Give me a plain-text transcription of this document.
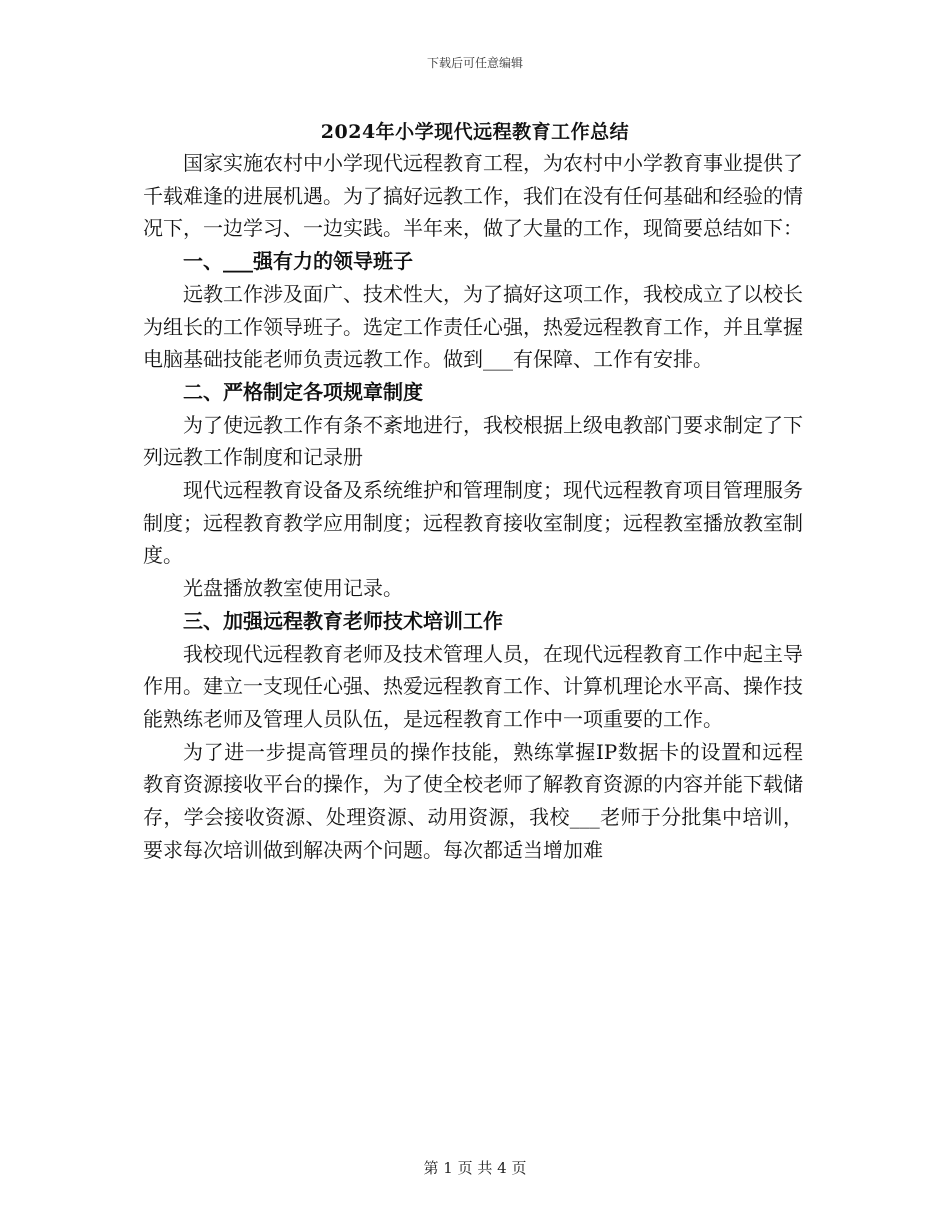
下载后可任意编辑
2024年小学现代远程教育工作总结

国家实施农村中小学现代远程教育工程，为农村中小学教育事业提供了千载难逢的进展机遇。为了搞好远教工作，我们在没有任何基础和经验的情况下，一边学习、一边实践。半年来，做了大量的工作，现简要总结如下：

一、___强有力的领导班子

远教工作涉及面广、技术性大，为了搞好这项工作，我校成立了以校长为组长的工作领导班子。选定工作责任心强，热爱远程教育工作，并且掌握电脑基础技能老师负责远教工作。做到___有保障、工作有安排。

二、严格制定各项规章制度

为了使远教工作有条不紊地进行，我校根据上级电教部门要求制定了下列远教工作制度和记录册

现代远程教育设备及系统维护和管理制度；现代远程教育项目管理服务制度；远程教育教学应用制度；远程教育接收室制度；远程教室播放教室制度。

光盘播放教室使用记录。

三、加强远程教育老师技术培训工作

我校现代远程教育老师及技术管理人员，在现代远程教育工作中起主导作用。建立一支现任心强、热爱远程教育工作、计算机理论水平高、操作技能熟练老师及管理人员队伍，是远程教育工作中一项重要的工作。

为了进一步提高管理员的操作技能，熟练掌握IP数据卡的设置和远程教育资源接收平台的操作，为了使全校老师了解教育资源的内容并能下载储存，学会接收资源、处理资源、动用资源，我校___老师于分批集中培训，要求每次培训做到解决两个问题。每次都适当增加难

第 1 页 共 4 页
